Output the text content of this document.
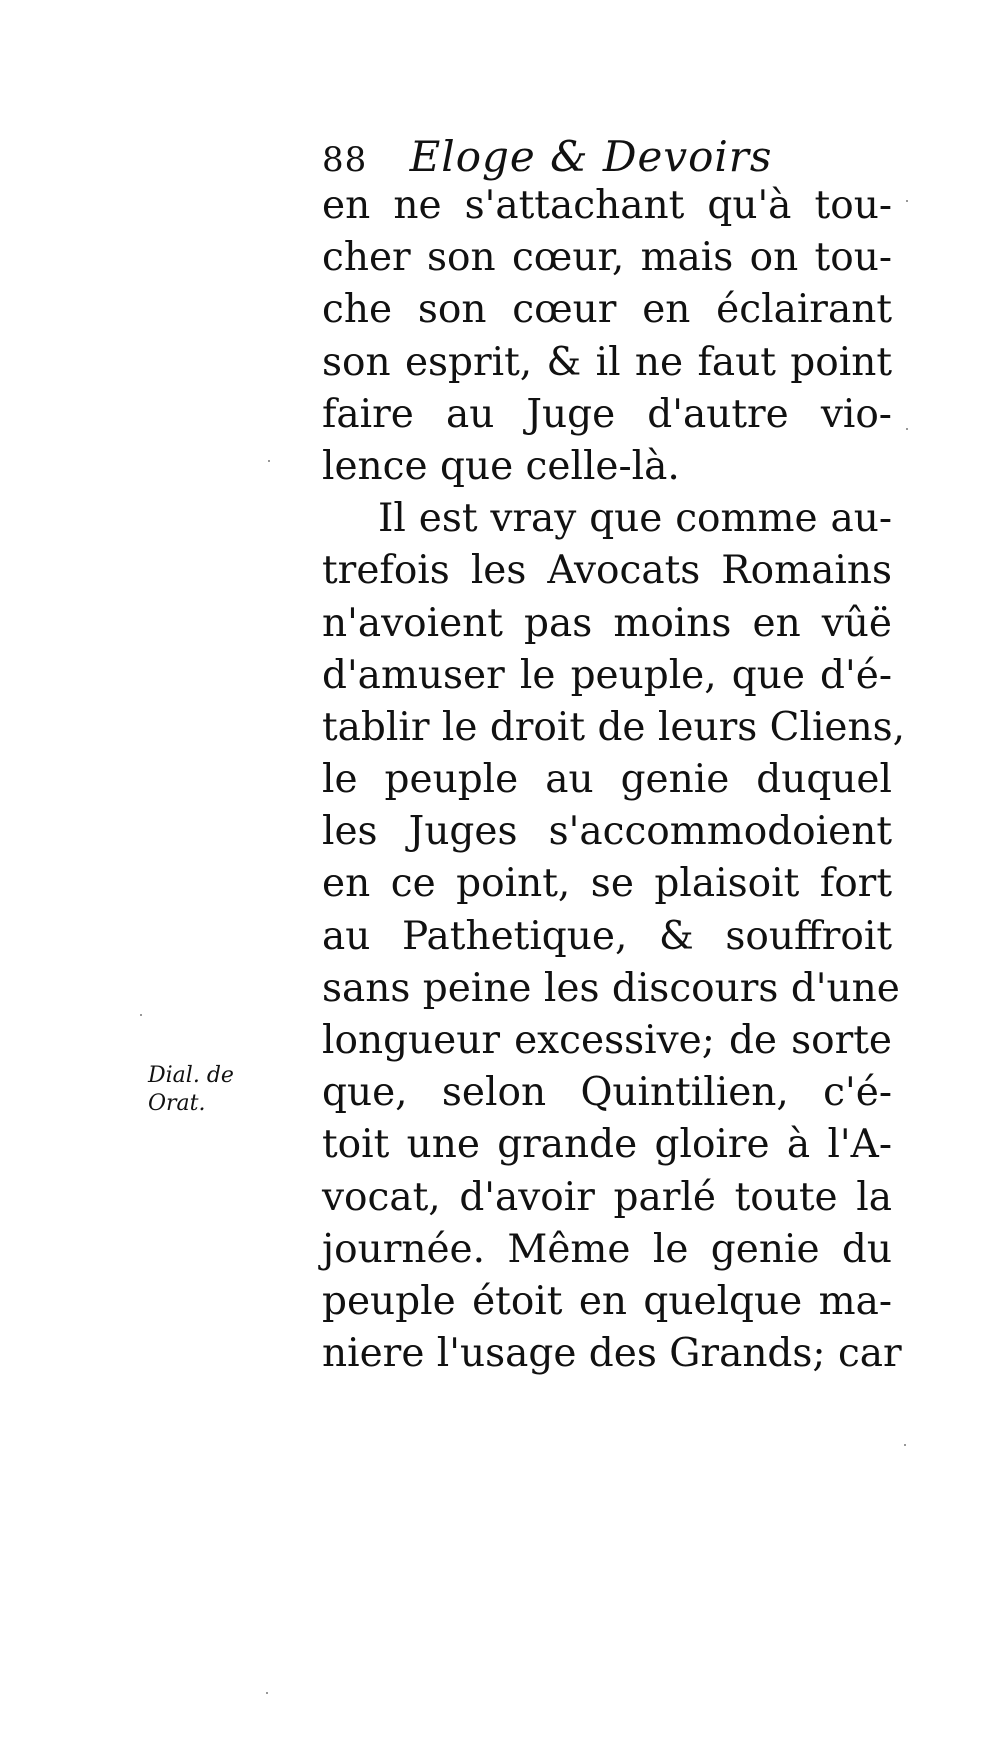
88 Eloge & Devoirs
en ne s'attachant qu'à tou-
cher son cœur, mais on tou-
che son cœur en éclairant
son esprit, & il ne faut point
faire au Juge d'autre vio-
lence que celle-là.
Il est vray que comme au-
trefois les Avocats Romains
n'avoient pas moins en vûë
d'amuser le peuple, que d'é-
tablir le droit de leurs Cliens,
le peuple au genie duquel
les Juges s'accommodoient
en ce point, se plaisoit fort
au Pathetique, & souffroit
sans peine les discours d'une
longueur excessive; de sorte
que, selon Quintilien, c'é-
toit une grande gloire à l'A-
vocat, d'avoir parlé toute la
journée. Même le genie du
peuple étoit en quelque ma-
niere l'usage des Grands; car
Dial. de
Orat.
